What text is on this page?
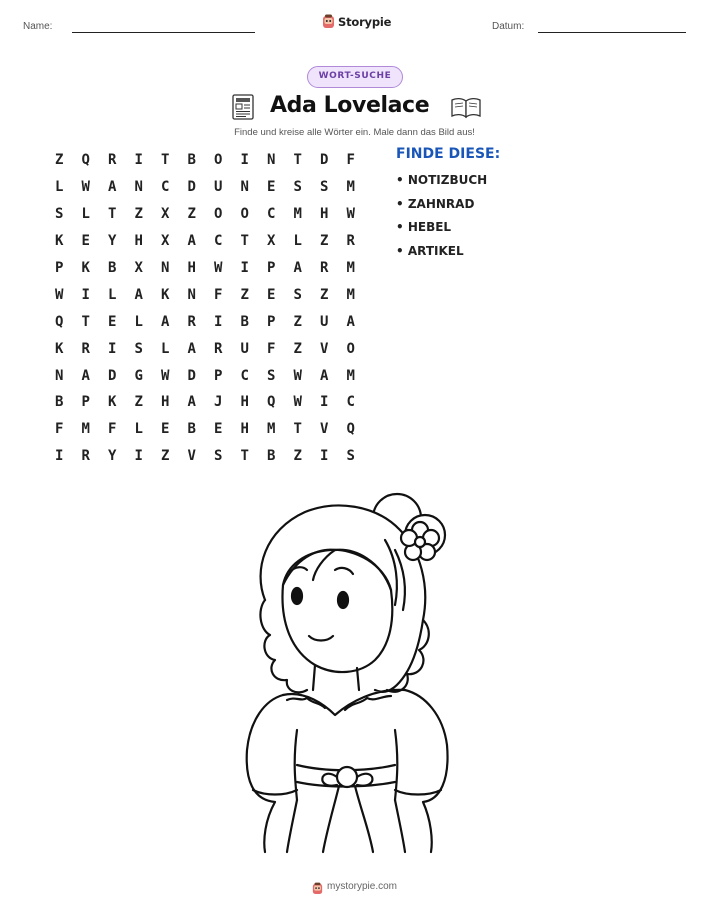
Name:	Storypie	Datum:
WORT-SUCHE
Ada Lovelace
Finde und kreise alle Wörter ein. Male dann das Bild aus!
Z	Q	R	I	T	B	O	I	N	T	D	F
L	W	A	N	C	D	U	N	E	S	S	M
S	L	T	Z	X	Z	O	O	C	M	H	W
K	E	Y	H	X	A	C	T	X	L	Z	R
P	K	B	X	N	H	W	I	P	A	R	M
W	I	L	A	K	N	F	Z	E	S	Z	M
Q	T	E	L	A	R	I	B	P	Z	U	A
K	R	I	S	L	A	R	U	F	Z	V	O
N	A	D	G	W	D	P	C	S	W	A	M
B	P	K	Z	H	A	J	H	Q	W	I	C
F	M	F	L	E	B	E	H	M	T	V	Q
I	R	Y	I	Z	V	S	T	B	Z	I	S
FINDE DIESE:
• NOTIZBUCH
• ZAHNRAD
• HEBEL
• ARTIKEL
mystorypie.com
